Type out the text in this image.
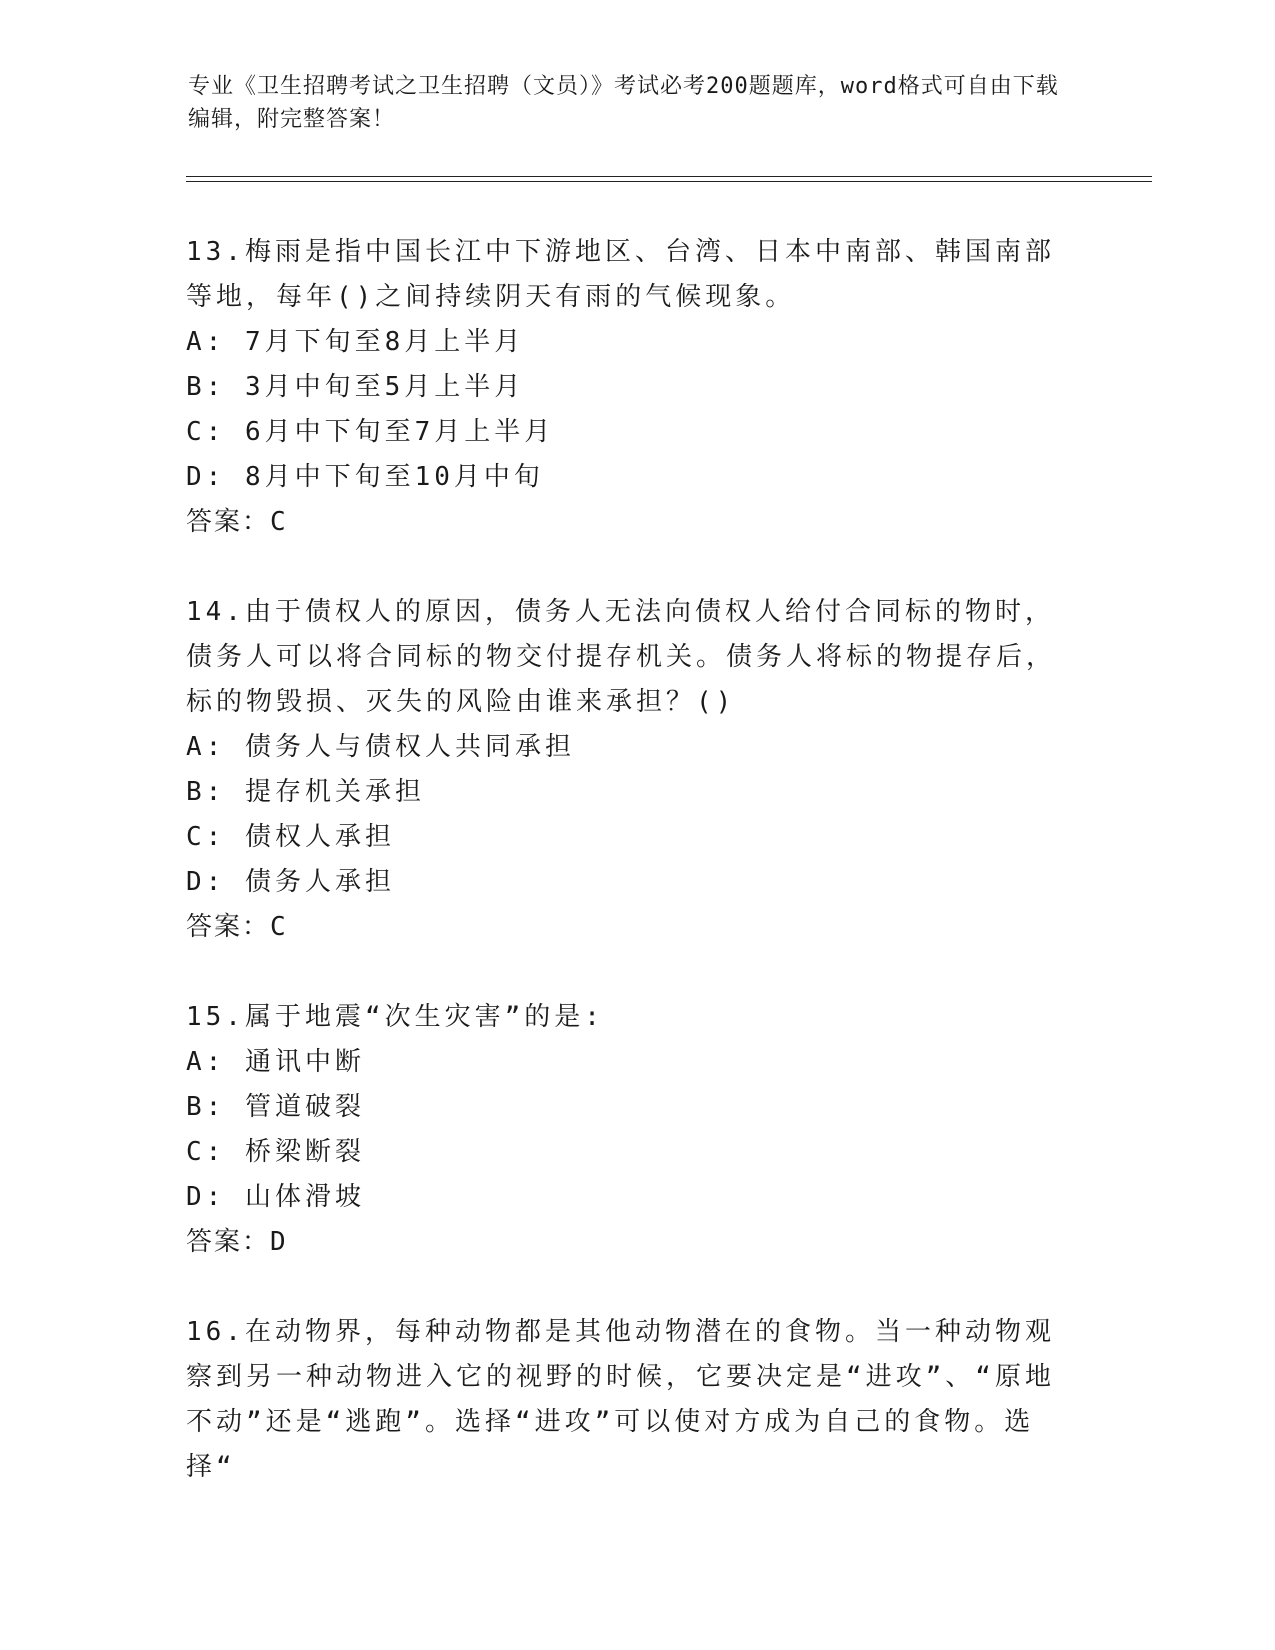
专业《卫生招聘考试之卫生招聘（文员）》考试必考200题题库，word格式可自由下载编辑，附完整答案！

13.梅雨是指中国长江中下游地区、台湾、日本中南部、韩国南部等地，每年()之间持续阴天有雨的气候现象。

A: 7月下旬至8月上半月

B: 3月中旬至5月上半月

C: 6月中下旬至7月上半月

D: 8月中下旬至10月中旬

答案：C

14.由于债权人的原因，债务人无法向债权人给付合同标的物时，债务人可以将合同标的物交付提存机关。债务人将标的物提存后，标的物毁损、灭失的风险由谁来承担？()

A: 债务人与债权人共同承担

B: 提存机关承担

C: 债权人承担

D: 债务人承担

答案：C

15.属于地震“次生灾害”的是:

A: 通讯中断

B: 管道破裂

C: 桥梁断裂

D: 山体滑坡

答案：D

16.在动物界，每种动物都是其他动物潜在的食物。当一种动物观察到另一种动物进入它的视野的时候，它要决定是“进攻”、“原地不动”还是“逃跑”。选择“进攻”可以使对方成为自己的食物。选择“
